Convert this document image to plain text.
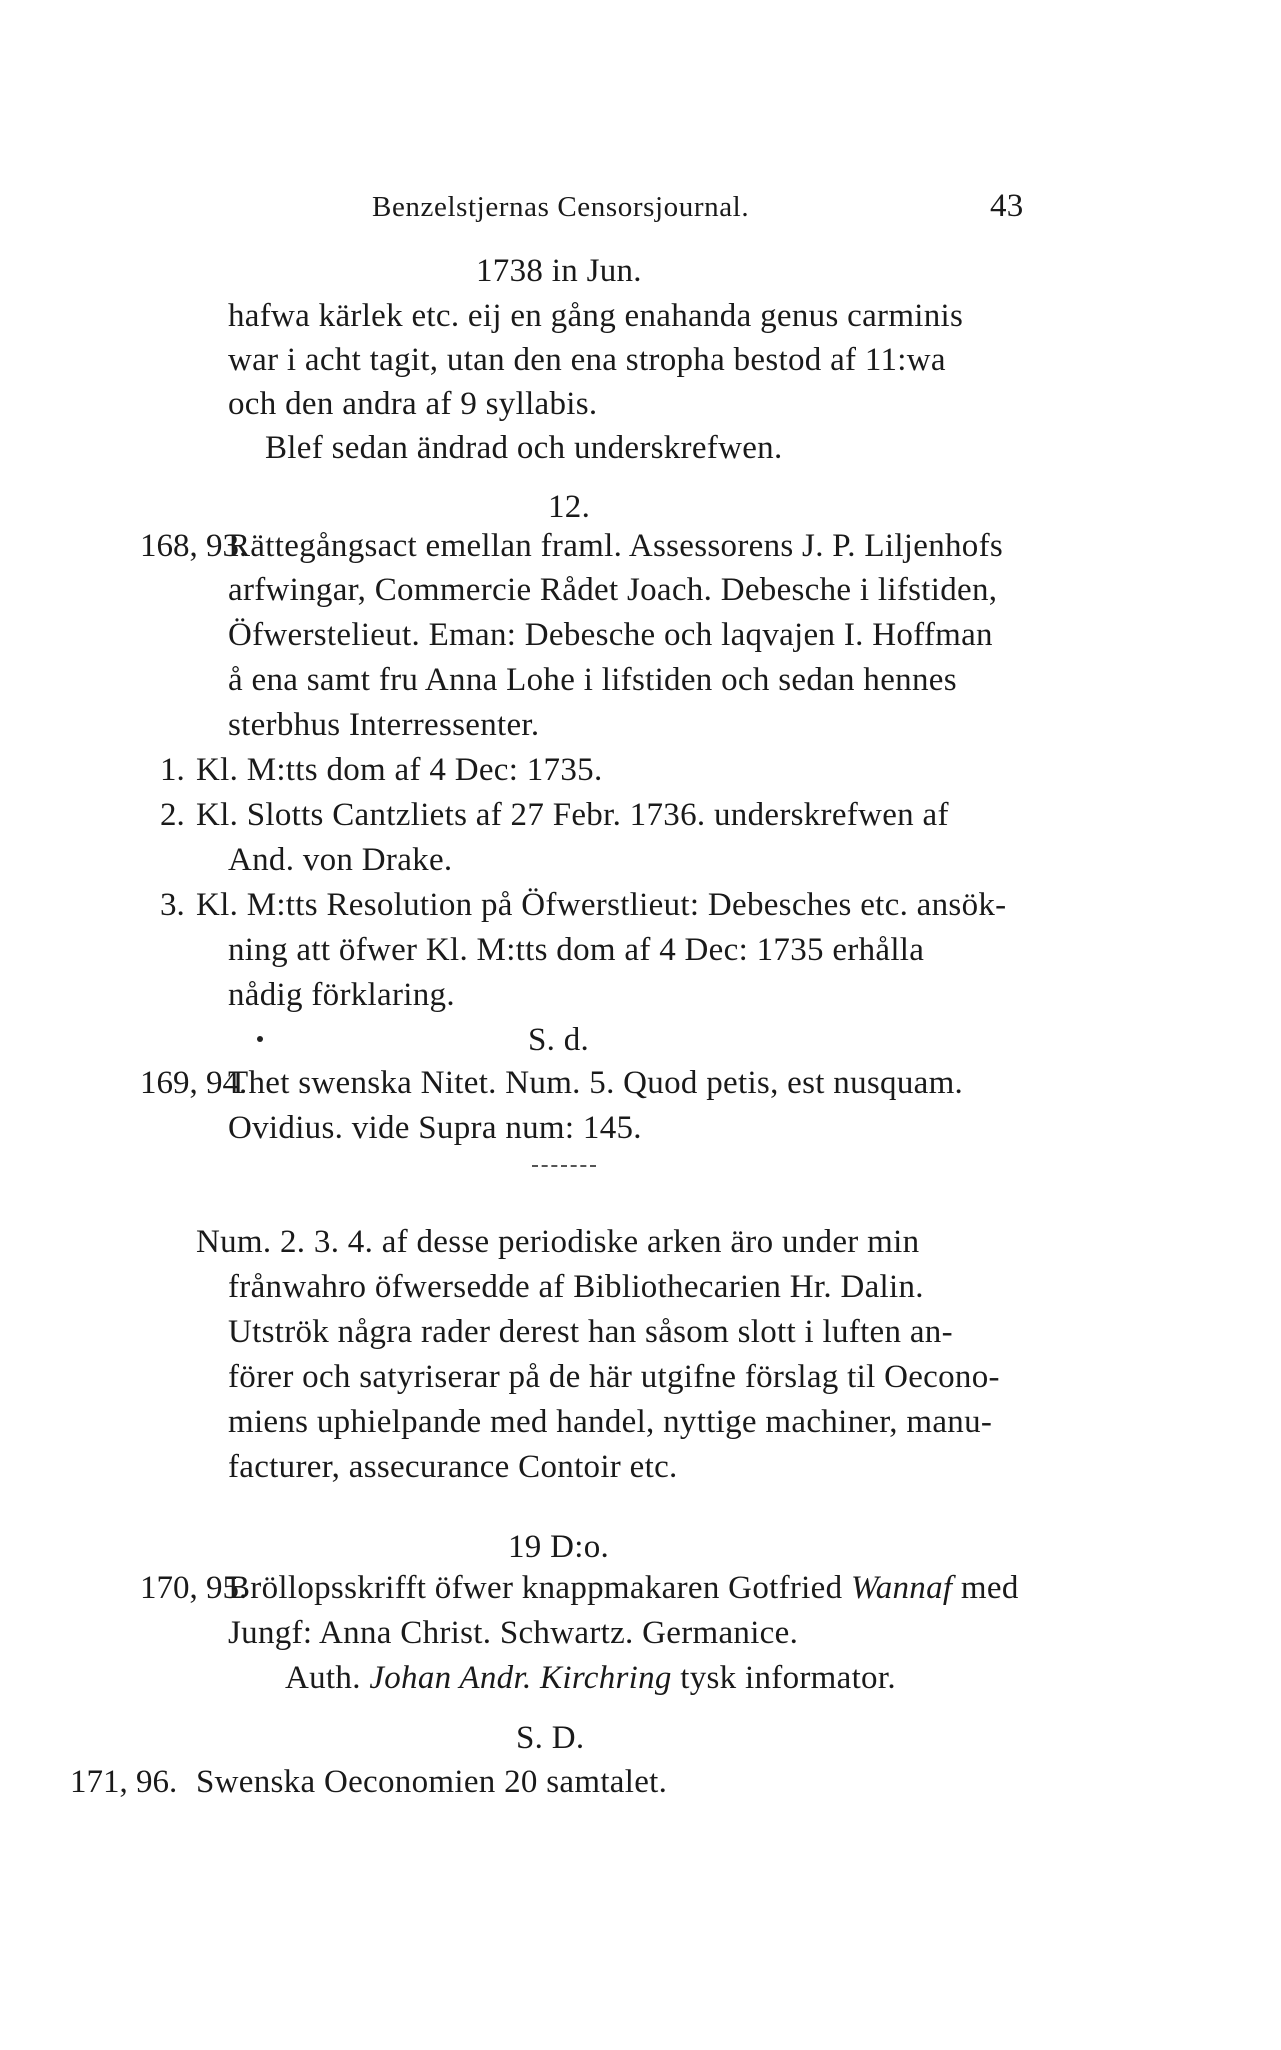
Benzelstjernas Censorsjournal.	43
1738 in Jun.
hafwa kärlek etc. eij en gång enahanda genus carminis
war i acht tagit, utan den ena stropha bestod af 11:wa
och den andra af 9 syllabis.
Blef sedan ändrad och underskrefwen.
12.
168, 93.
Rättegångsact emellan framl. Assessorens J. P. Liljenhofs
arfwingar, Commercie Rådet Joach. Debesche i lifstiden,
Öfwerstelieut. Eman: Debesche och laqvajen I. Hoffman
å ena samt fru Anna Lohe i lifstiden och sedan hennes
sterbhus Interressenter.
1. Kl. M:tts dom af 4 Dec: 1735.
2. Kl. Slotts Cantzliets af 27 Febr. 1736. underskrefwen af
And. von Drake.
3. Kl. M:tts Resolution på Öfwerstlieut: Debesches etc. ansök-
ning att öfwer Kl. M:tts dom af 4 Dec: 1735 erhålla
nådig förklaring.
S. d.
169, 94.
Thet swenska Nitet. Num. 5. Quod petis, est nusquam.
Ovidius. vide Supra num: 145.
Num. 2. 3. 4. af desse periodiske arken äro under min
frånwahro öfwersedde af Bibliothecarien Hr. Dalin.
Utströk några rader derest han såsom slott i luften an-
förer och satyriserar på de här utgifne förslag til Oecono-
miens uphielpande med handel, nyttige machiner, manu-
facturer, assecurance Contoir etc.
19 D:o.
170, 95.
Bröllopsskrifft öfwer knappmakaren Gotfried Wannaf med
Jungf: Anna Christ. Schwartz. Germanice.
Auth. Johan Andr. Kirchring tysk informator.
S. D.
171, 96. Swenska Oeconomien 20 samtalet.
